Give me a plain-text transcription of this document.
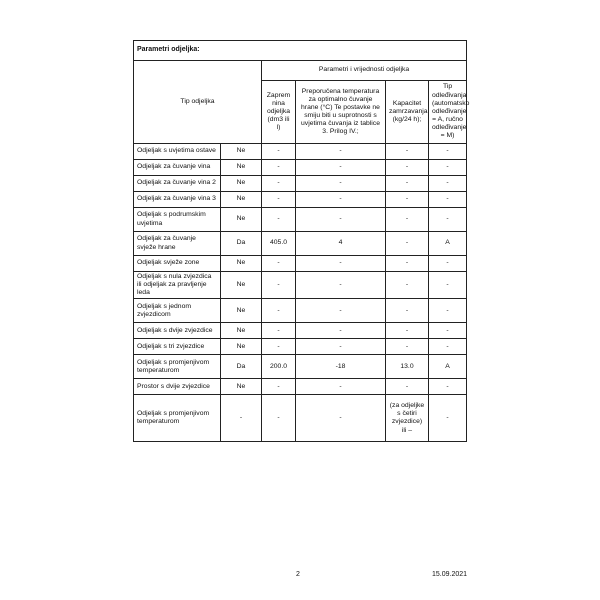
Parametri odjeljka:					
Tip odjeljka		Parametri i vrijednosti odjeljka			
		Zaprem nina odjeljka (dm3 ili l)	Preporučena temperatura za optimalno čuvanje hrane (°C) Te postavke ne smiju biti u suprotnosti s uvjetima čuvanja iz tablice 3. Prilog IV.;	Kapacitet zamrzavanja (kg/24 h);	Tip odleđivanja (automatsko odleđivanje = A, ručno odleđivanje = M)
Odjeljak s uvjetima ostave	Ne	-	-	-	-
Odjeljak za čuvanje vina	Ne	-	-	-	-
Odjeljak za čuvanje vina 2	Ne	-	-	-	-
Odjeljak za čuvanje vina 3	Ne	-	-	-	-
Odjeljak s podrumskim uvjetima	Ne	-	-	-	-
Odjeljak za čuvanje svježe hrane	Da	405.0	4	-	A
Odjeljak svježe zone	Ne	-	-	-	-
Odjeljak s nula zvjezdica ili odjeljak za pravljenje leda	Ne	-	-	-	-
Odjeljak s jednom zvjezdicom	Ne	-	-	-	-
Odjeljak s dvije zvjezdice	Ne	-	-	-	-
Odjeljak s tri zvjezdice	Ne	-	-	-	-
Odjeljak s promjenjivom temperaturom	Da	200.0	-18	13.0	A
Prostor s dvije zvjezdice	Ne	-	-	-	-
Odjeljak s promjenjivom temperaturom	-	-	-	(za odjeljke s četiri zvjezdice) ili –	-
2	15.09.2021
